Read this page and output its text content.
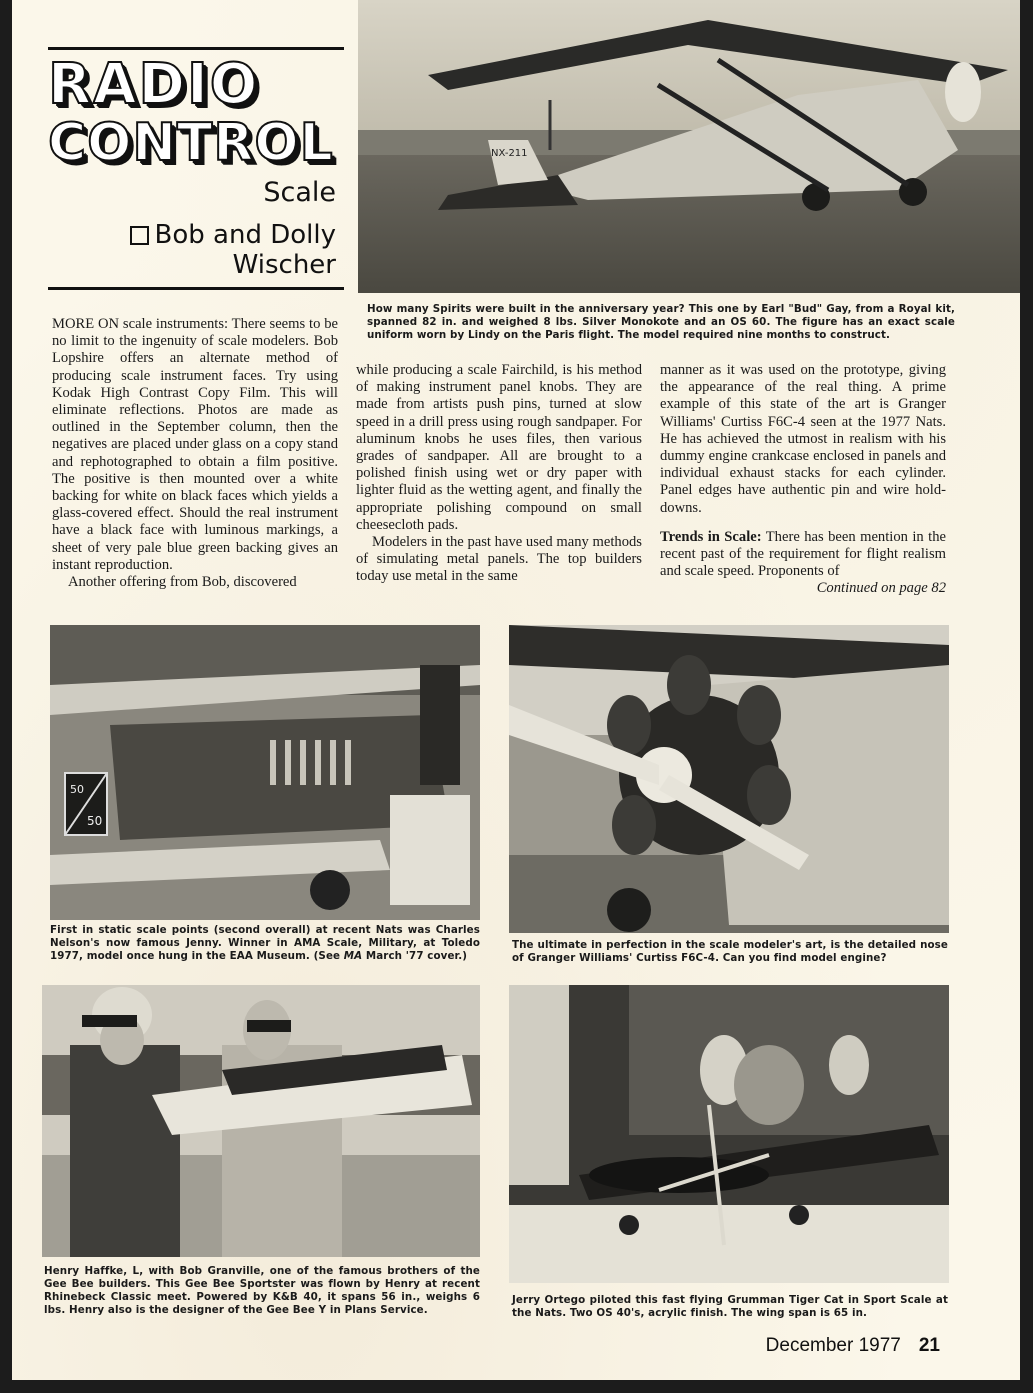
RADIO
CONTROL
Scale
Bob and Dolly
Wischer
NX-211
How many Spirits were built in the anniversary year? This one by Earl "Bud" Gay, from a Royal kit, spanned 82 in. and weighed 8 lbs. Silver Monokote and an OS 60. The figure has an exact scale uniform worn by Lindy on the Paris flight. The model required nine months to construct.

MORE ON scale instruments: There seems to be no limit to the ingenuity of scale modelers. Bob Lopshire offers an alternate method of producing scale instrument faces. Try using Kodak High Contrast Copy Film. This will eliminate reflections. Photos are made as outlined in the September column, then the negatives are placed under glass on a copy stand and rephotographed to obtain a film positive. The positive is then mounted over a white backing for white on black faces which yields a glass-covered effect. Should the real instrument have a black face with luminous markings, a sheet of very pale blue green backing gives an instant reproduction.

Another offering from Bob, discovered

while producing a scale Fairchild, is his method of making instrument panel knobs. They are made from artists push pins, turned at slow speed in a drill press using rough sandpaper. For aluminum knobs he uses files, then various grades of sandpaper. All are brought to a polished finish using wet or dry paper with lighter fluid as the wetting agent, and finally the appropriate polishing compound on small cheesecloth pads.

Modelers in the past have used many methods of simulating metal panels. The top builders today use metal in the same

manner as it was used on the prototype, giving the appearance of the real thing. A prime example of this state of the art is Granger Williams' Curtiss F6C-4 seen at the 1977 Nats. He has achieved the utmost in realism with his dummy engine crankcase enclosed in panels and individual exhaust stacks for each cylinder. Panel edges have authentic pin and wire hold-downs.

Trends in Scale: There has been mention in the recent past of the requirement for flight realism and scale speed. Proponents of

Continued on page 82

50
50
First in static scale points (second overall) at recent Nats was Charles Nelson's now famous Jenny. Winner in AMA Scale, Military, at Toledo 1977, model once hung in the EAA Museum. (See MA March '77 cover.)
The ultimate in perfection in the scale modeler's art, is the detailed nose of Granger Williams' Curtiss F6C-4. Can you find model engine?
Henry Haffke, L, with Bob Granville, one of the famous brothers of the Gee Bee builders. This Gee Bee Sportster was flown by Henry at recent Rhinebeck Classic meet. Powered by K&B 40, it spans 56 in., weighs 6 lbs. Henry also is the designer of the Gee Bee Y in Plans Service.
Jerry Ortego piloted this fast flying Grumman Tiger Cat in Sport Scale at the Nats. Two OS 40's, acrylic finish. The wing span is 65 in.
December 1977 21
